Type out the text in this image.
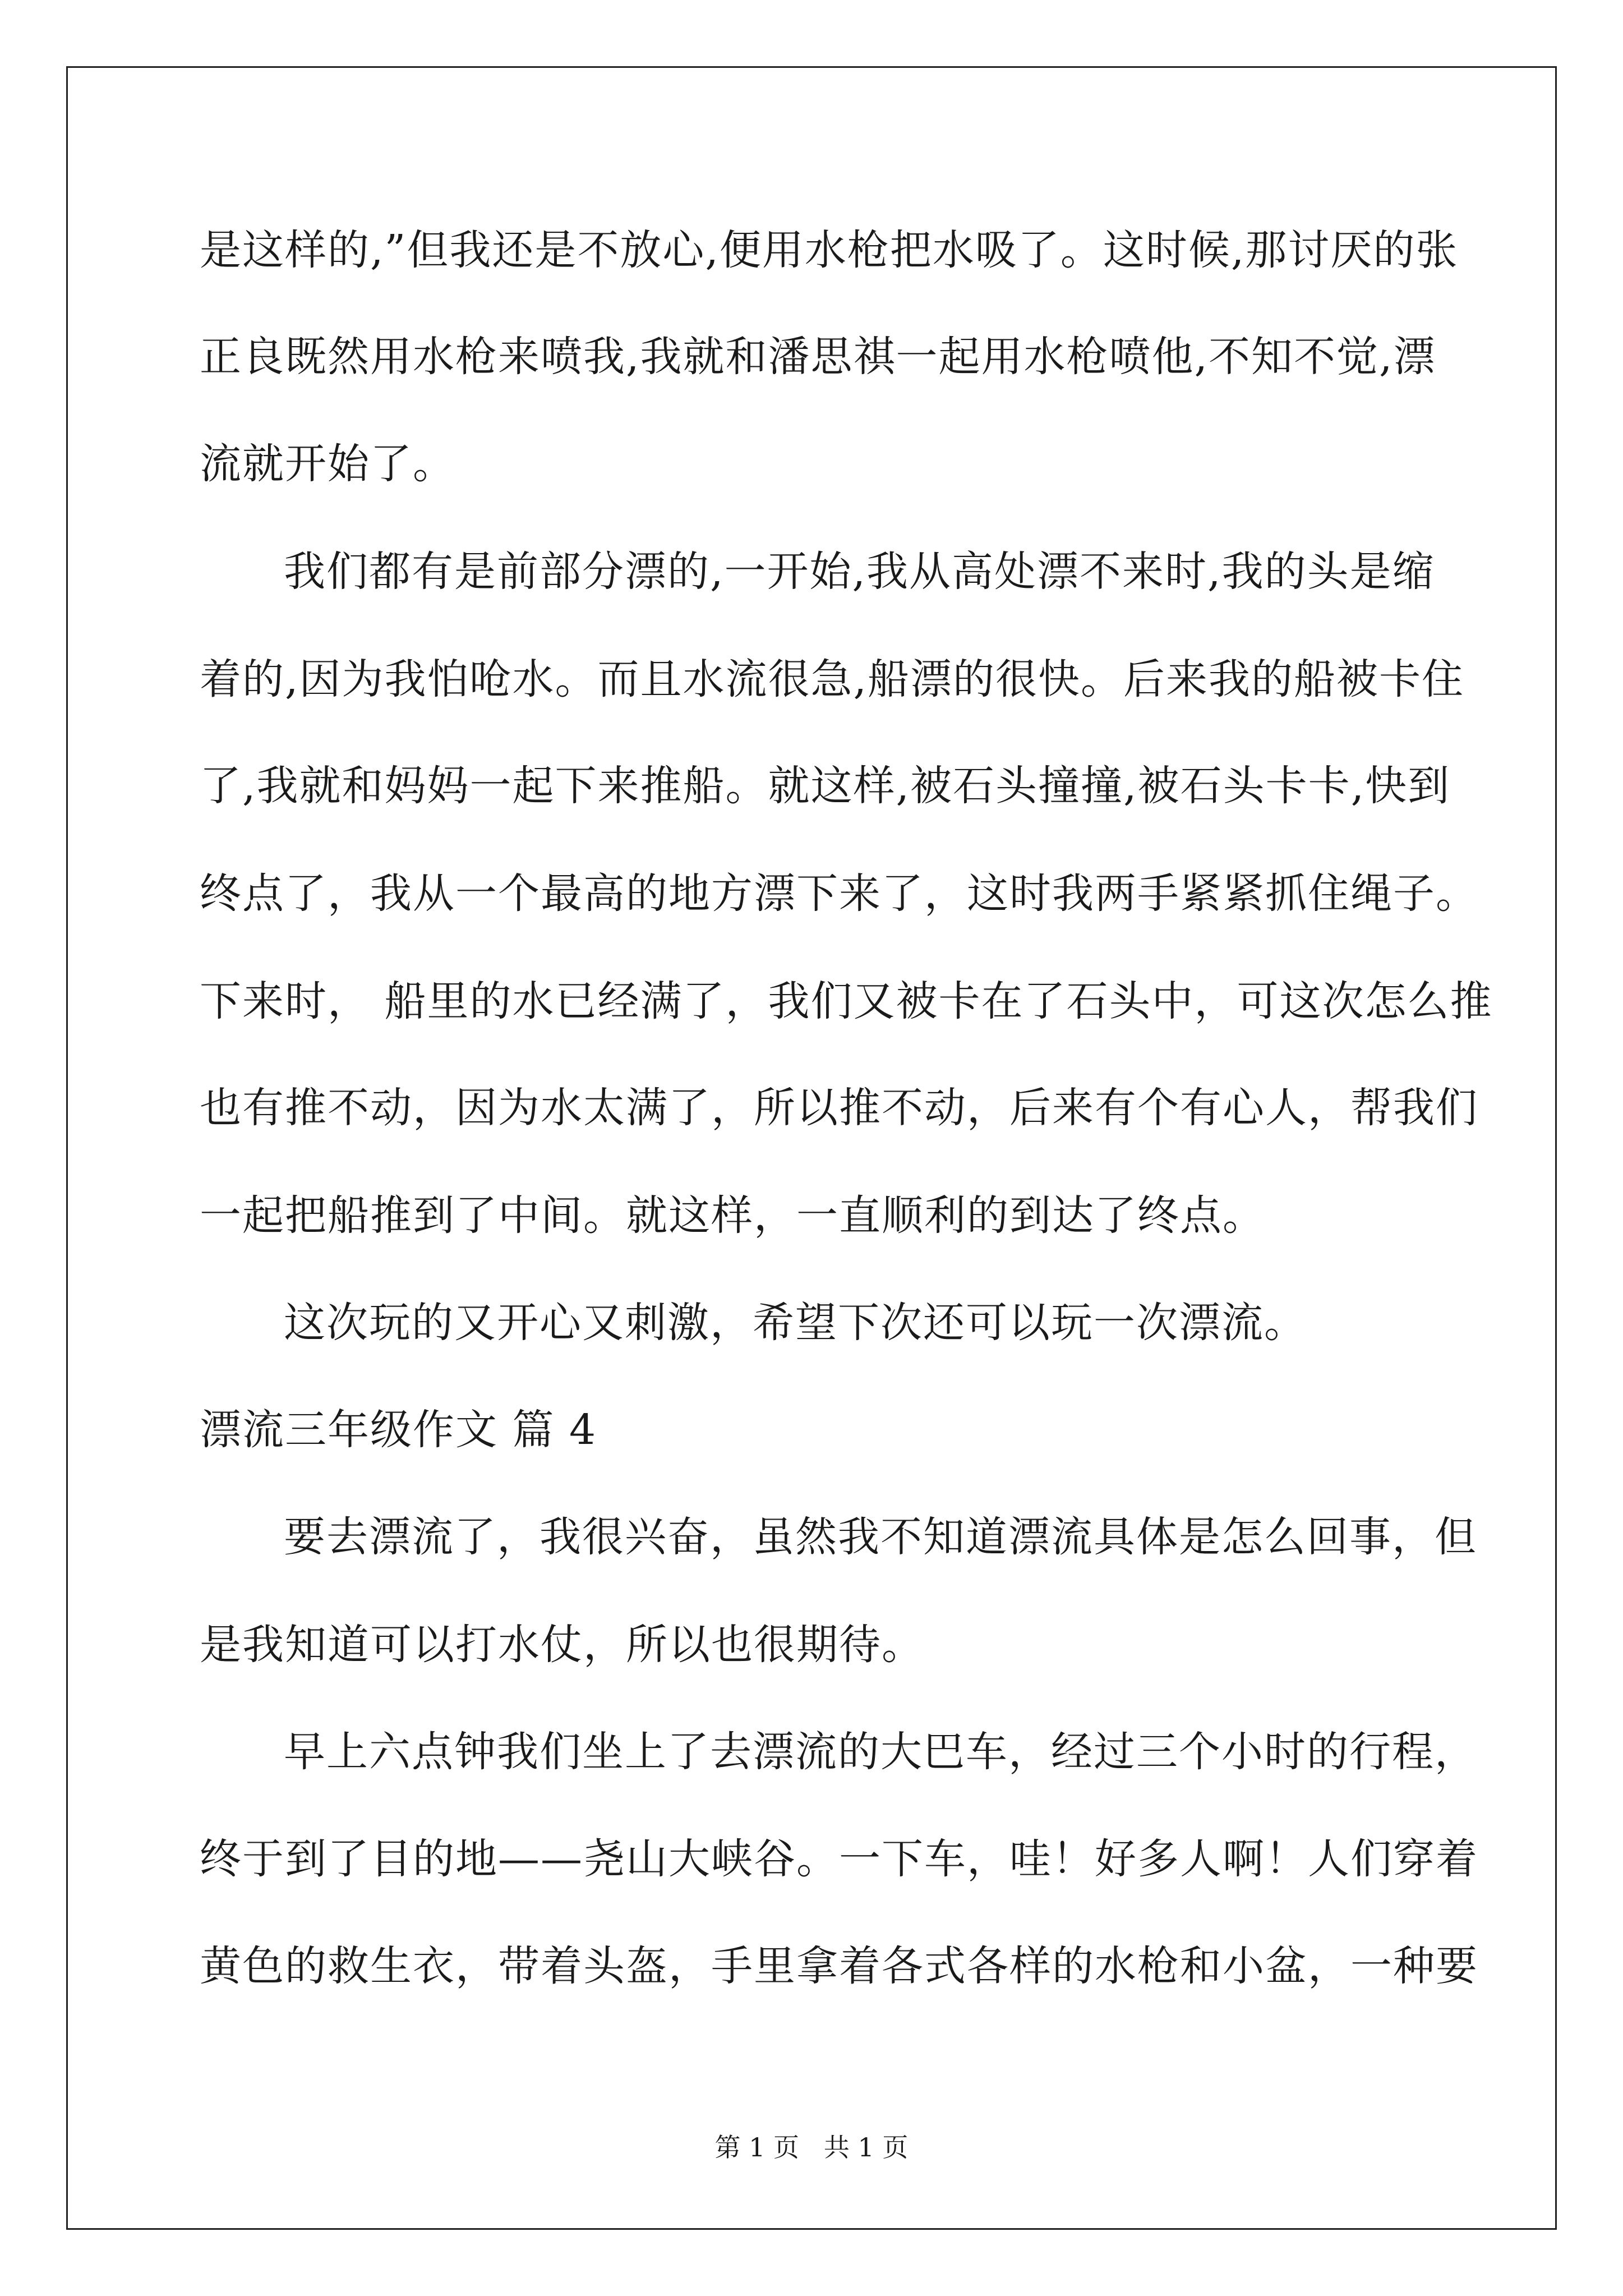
是这样的,”但我还是不放心,便用水枪把水吸了。这时候,那讨厌的张

正良既然用水枪来喷我,我就和潘思祺一起用水枪喷他,不知不觉,漂

流就开始了。

我们都有是前部分漂的,一开始,我从高处漂不来时,我的头是缩

着的,因为我怕呛水。而且水流很急,船漂的很快。后来我的船被卡住

了,我就和妈妈一起下来推船。就这样,被石头撞撞,被石头卡卡,快到

终点了，我从一个最高的地方漂下来了，这时我两手紧紧抓住绳子。

下来时， 船里的水已经满了，我们又被卡在了石头中，可这次怎么推

也有推不动，因为水太满了，所以推不动，后来有个有心人，帮我们

一起把船推到了中间。就这样，一直顺利的到达了终点。

这次玩的又开心又刺激，希望下次还可以玩一次漂流。

漂流三年级作文 篇 4

要去漂流了，我很兴奋，虽然我不知道漂流具体是怎么回事，但

是我知道可以打水仗，所以也很期待。

早上六点钟我们坐上了去漂流的大巴车，经过三个小时的行程，

终于到了目的地——尧山大峡谷。一下车，哇！好多人啊！人们穿着

黄色的救生衣，带着头盔，手里拿着各式各样的水枪和小盆，一种要

第 1 页   共 1 页
